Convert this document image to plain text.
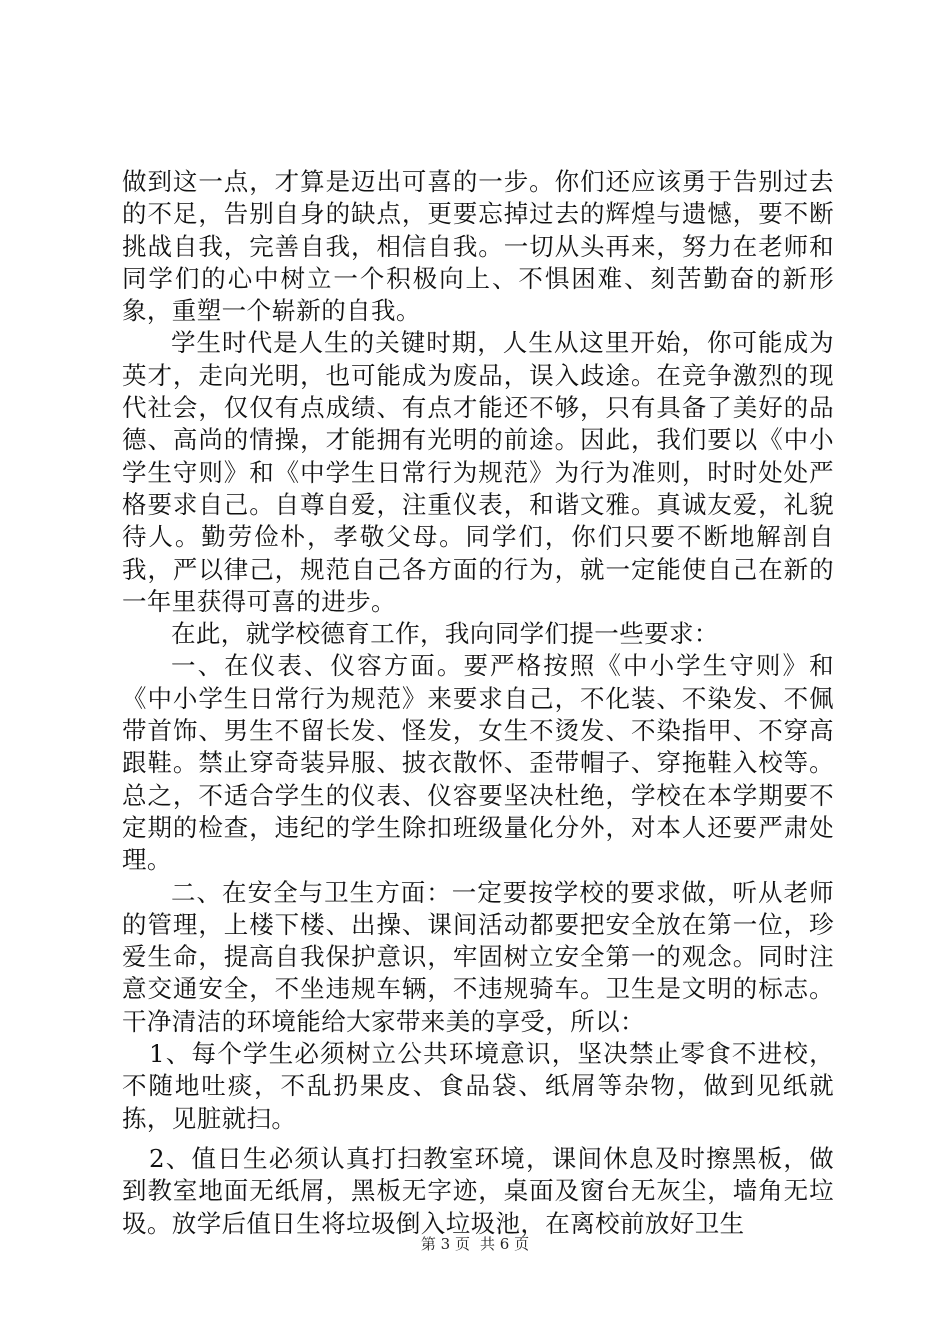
做到这一点，才算是迈出可喜的一步。你们还应该勇于告别过去的不足，告别自身的缺点，更要忘掉过去的辉煌与遗憾，要不断挑战自我，完善自我，相信自我。一切从头再来，努力在老师和同学们的心中树立一个积极向上、不惧困难、刻苦勤奋的新形象，重塑一个崭新的自我。

学生时代是人生的关键时期，人生从这里开始，你可能成为英才，走向光明，也可能成为废品，误入歧途。在竞争激烈的现代社会，仅仅有点成绩、有点才能还不够，只有具备了美好的品德、高尚的情操，才能拥有光明的前途。因此，我们要以《中小学生守则》和《中学生日常行为规范》为行为准则，时时处处严格要求自己。自尊自爱，注重仪表，和谐文雅。真诚友爱，礼貌待人。勤劳俭朴，孝敬父母。同学们，你们只要不断地解剖自我，严以律己，规范自己各方面的行为，就一定能使自己在新的一年里获得可喜的进步。

在此，就学校德育工作，我向同学们提一些要求：

一、在仪表、仪容方面。要严格按照《中小学生守则》和《中小学生日常行为规范》来要求自己，不化装、不染发、不佩带首饰、男生不留长发、怪发，女生不烫发、不染指甲、不穿高跟鞋。禁止穿奇装异服、披衣散怀、歪带帽子、穿拖鞋入校等。总之，不适合学生的仪表、仪容要坚决杜绝，学校在本学期要不定期的检查，违纪的学生除扣班级量化分外，对本人还要严肃处理。

二、在安全与卫生方面：一定要按学校的要求做，听从老师的管理，上楼下楼、出操、课间活动都要把安全放在第一位，珍爱生命，提高自我保护意识，牢固树立安全第一的观念。同时注意交通安全，不坐违规车辆，不违规骑车。卫生是文明的标志。干净清洁的环境能给大家带来美的享受，所以：

1、每个学生必须树立公共环境意识，坚决禁止零食不进校，不随地吐痰，不乱扔果皮、食品袋、纸屑等杂物，做到见纸就拣，见脏就扫。

2、值日生必须认真打扫教室环境，课间休息及时擦黑板，做到教室地面无纸屑，黑板无字迹，桌面及窗台无灰尘，墙角无垃圾。放学后值日生将垃圾倒入垃圾池，在离校前放好卫生

第 3 页 共 6 页
